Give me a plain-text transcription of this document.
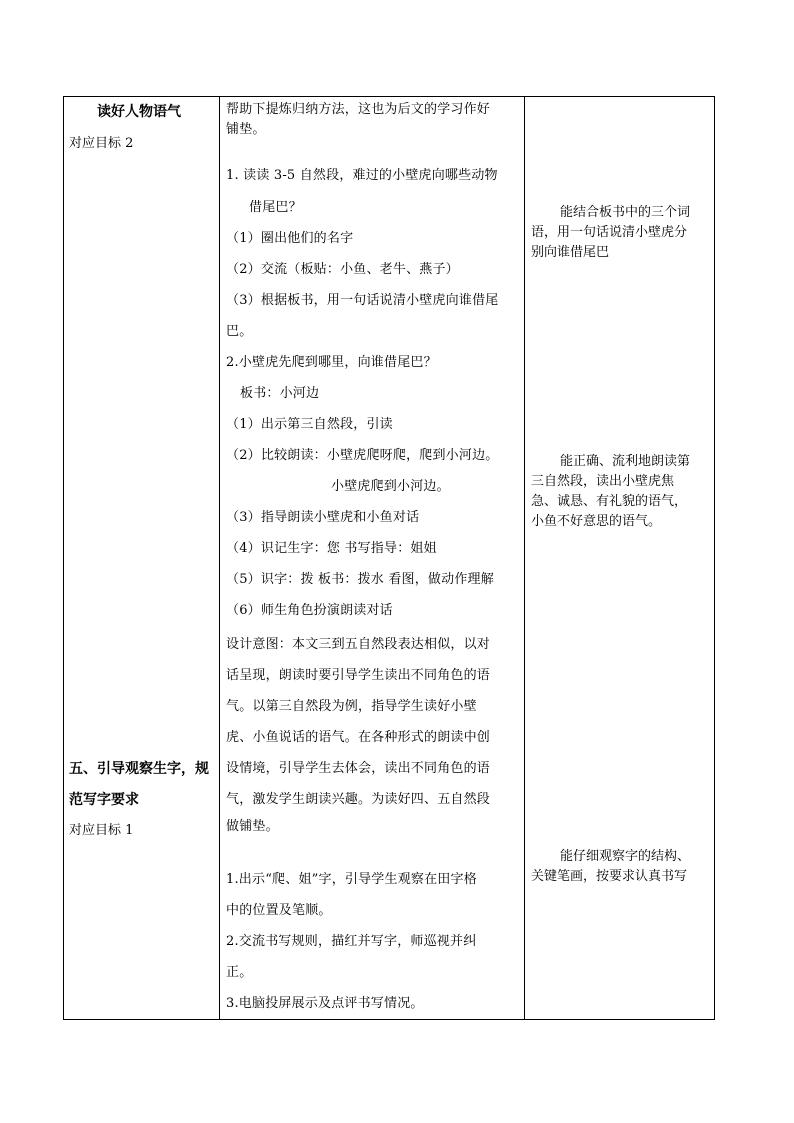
读好人物语气
对应目标 2
五、引导观察生字，规
范写字要求
对应目标 1
帮助下提炼归纳方法，这也为后文的学习作好
铺垫。
1. 读读 3-5 自然段，难过的小壁虎向哪些动物
借尾巴？
（1）圈出他们的名字
（2）交流（板贴：小鱼、老牛、燕子）
（3）根据板书，用一句话说清小壁虎向谁借尾
巴。
2.小壁虎先爬到哪里，向谁借尾巴？
板书：小河边
（1）出示第三自然段，引读
（2）比较朗读：小壁虎爬呀爬，爬到小河边。
小壁虎爬到小河边。
（3）指导朗读小壁虎和小鱼对话
（4）识记生字：您 书写指导：姐姐
（5）识字：拨 板书：拨水 看图，做动作理解
（6）师生角色扮演朗读对话
设计意图：本文三到五自然段表达相似，以对
话呈现，朗读时要引导学生读出不同角色的语
气。以第三自然段为例，指导学生读好小壁
虎、小鱼说话的语气。在各种形式的朗读中创
设情境，引导学生去体会，读出不同角色的语
气，激发学生朗读兴趣。为读好四、五自然段
做铺垫。
1.出示“爬、姐”字，引导学生观察在田字格
中的位置及笔顺。
2.交流书写规则，描红并写字，师巡视并纠
正。
3.电脑投屏展示及点评书写情况。
能结合板书中的三个词
语，用一句话说清小壁虎分
别向谁借尾巴
能正确、流利地朗读第
三自然段，读出小壁虎焦
急、诚恳、有礼貌的语气，
小鱼不好意思的语气。
能仔细观察字的结构、
关键笔画，按要求认真书写
